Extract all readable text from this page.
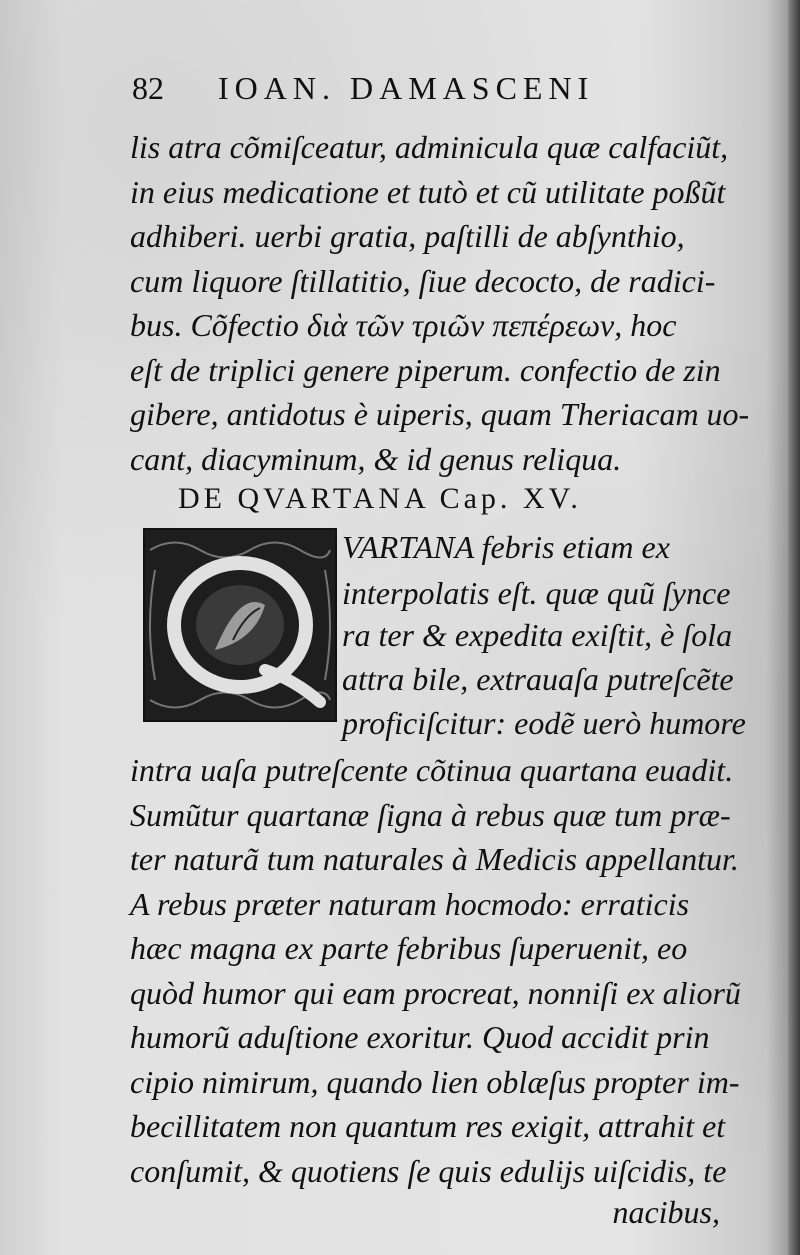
82 IOAN. DAMASCENI
lis atra cõmiſceatur, adminicula quæ calfaciũt,
in eius medicatione et tutò et cũ utilitate poßũt
adhiberi. uerbi gratia, paſtilli de abſynthio,
cum liquore ſtillatitio, ſiue decocto, de radici-
bus. Cõfectio διὰ τῶν τριῶν πεπέρεων, hoc
eſt de triplici genere piperum. confectio de zin
gibere, antidotus è uiperis, quam Theriacam uo-
cant, diacyminum, & id genus reliqua.
DE QVARTANA Cap. XV.
VARTANA febris etiam ex
interpolatis eſt. quæ quũ ſynce
ra ter & expedita exiſtit, è ſola
attra bile, extrauaſa putreſcẽte
proficiſcitur: eodẽ uerò humore
intra uaſa putreſcente cõtinua quartana euadit.
Sumũtur quartanæ ſigna à rebus quæ tum præ-
ter naturã tum naturales à Medicis appellantur.
A rebus præter naturam hocmodo: erraticis
hæc magna ex parte febribus ſuperuenit, eo
quòd humor qui eam procreat, nonniſi ex aliorũ
humorũ aduſtione exoritur. Quod accidit prin
cipio nimirum, quando lien oblæſus propter im-
becillitatem non quantum res exigit, attrahit et
conſumit, & quotiens ſe quis edulijs uiſcidis, te
nacibus,
